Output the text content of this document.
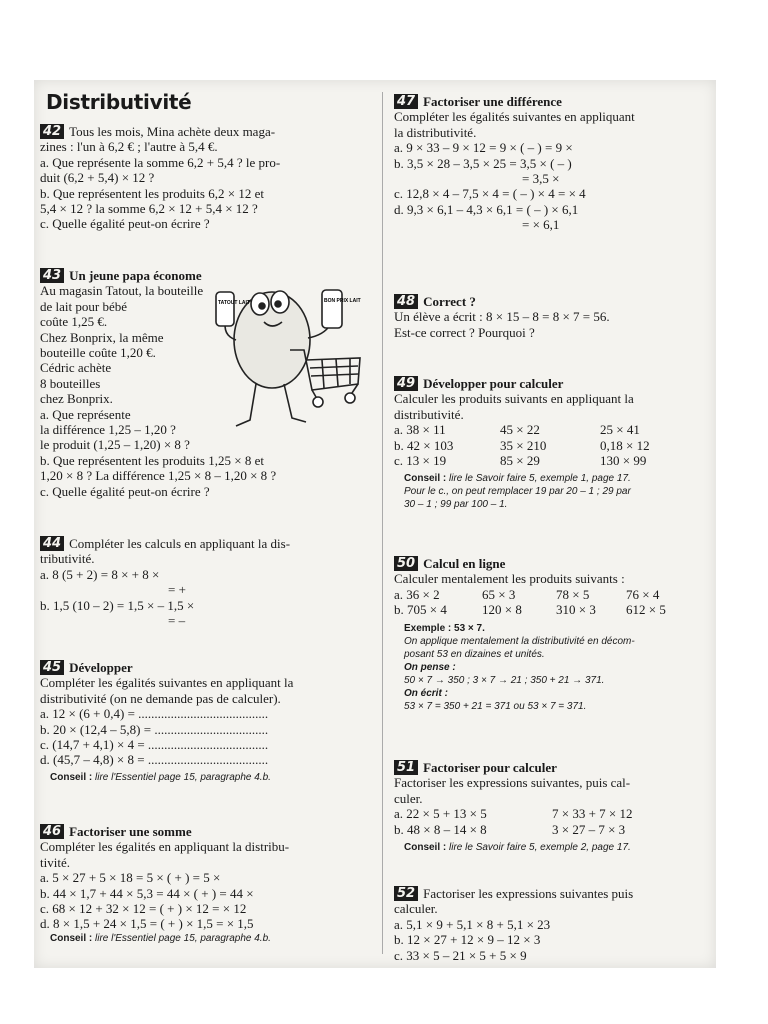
Distributivité

42 Tous les mois, Mina achète deux maga-

zines : l'un à 6,2 € ; l'autre à 5,4 €.

a. Que représente la somme 6,2 + 5,4 ? le pro-

duit (6,2 + 5,4) × 12 ?

b. Que représentent les produits 6,2 × 12 et

5,4 × 12 ? la somme 6,2 × 12 + 5,4 × 12 ?

c. Quelle égalité peut-on écrire ?

43 Un jeune papa économe

Au magasin Tatout, la bouteille

de lait pour bébé

coûte 1,25 €.

Chez Bonprix, la même

bouteille coûte 1,20 €.

Cédric achète

8 bouteilles

chez Bonprix.

a. Que représente

la différence 1,25 – 1,20 ?

le produit (1,25 – 1,20) × 8 ?

b. Que représentent les produits 1,25 × 8 et

1,20 × 8 ? La différence 1,25 × 8 – 1,20 × 8 ?

c. Quelle égalité peut-on écrire ?

TATOUT LAIT	BON PRIX LAIT

44 Compléter les calculs en appliquant la dis-

tributivité.

a. 8 (5 + 2) = 8 × + 8 ×

= +

b. 1,5 (10 – 2) = 1,5 × – 1,5 ×

= –

45 Développer

Compléter les égalités suivantes en appliquant la

distributivité (on ne demande pas de calculer).

a. 12 × (6 + 0,4) = ........................................

b. 20 × (12,4 – 5,8) = ...................................

c. (14,7 + 4,1) × 4 = .....................................

d. (45,7 – 4,8) × 8 = .....................................

Conseil : lire l'Essentiel page 15, paragraphe 4.b.

46 Factoriser une somme

Compléter les égalités en appliquant la distribu-

tivité.

a. 5 × 27 + 5 × 18 = 5 × ( + ) = 5 ×

b. 44 × 1,7 + 44 × 5,3 = 44 × ( + ) = 44 ×

c. 68 × 12 + 32 × 12 = ( + ) × 12 = × 12

d. 8 × 1,5 + 24 × 1,5 = ( + ) × 1,5 = × 1,5

Conseil : lire l'Essentiel page 15, paragraphe 4.b.

47 Factoriser une différence

Compléter les égalités suivantes en appliquant

la distributivité.

a. 9 × 33 – 9 × 12 = 9 × ( – ) = 9 ×

b. 3,5 × 28 – 3,5 × 25 = 3,5 × ( – )

= 3,5 ×

c. 12,8 × 4 – 7,5 × 4 = ( – ) × 4 = × 4

d. 9,3 × 6,1 – 4,3 × 6,1 = ( – ) × 6,1

= × 6,1

48 Correct ?

Un élève a écrit : 8 × 15 – 8 = 8 × 7 = 56.

Est-ce correct ? Pourquoi ?

49 Développer pour calculer

Calculer les produits suivants en appliquant la

distributivité.

a. 38 × 11	45 × 22	25 × 41
b. 42 × 103	35 × 210	0,18 × 12
c. 13 × 19	85 × 29	130 × 99

Conseil : lire le Savoir faire 5, exemple 1, page 17.

Pour le c., on peut remplacer 19 par 20 – 1 ; 29 par

30 – 1 ; 99 par 100 – 1.

50 Calcul en ligne

Calculer mentalement les produits suivants :

a. 36 × 2	65 × 3	78 × 5	76 × 4
b. 705 × 4	120 × 8	310 × 3	612 × 5

Exemple : 53 × 7.

On applique mentalement la distributivité en décom-

posant 53 en dizaines et unités.

On pense :

50 × 7 → 350 ; 3 × 7 → 21 ; 350 + 21 → 371.

On écrit :

53 × 7 = 350 + 21 = 371 ou 53 × 7 = 371.

51 Factoriser pour calculer

Factoriser les expressions suivantes, puis cal-

culer.

a. 22 × 5 + 13 × 5	7 × 33 + 7 × 12
b. 48 × 8 – 14 × 8	3 × 27 – 7 × 3

Conseil : lire le Savoir faire 5, exemple 2, page 17.

52 Factoriser les expressions suivantes puis

calculer.

a. 5,1 × 9 + 5,1 × 8 + 5,1 × 23

b. 12 × 27 + 12 × 9 – 12 × 3

c. 33 × 5 – 21 × 5 + 5 × 9
